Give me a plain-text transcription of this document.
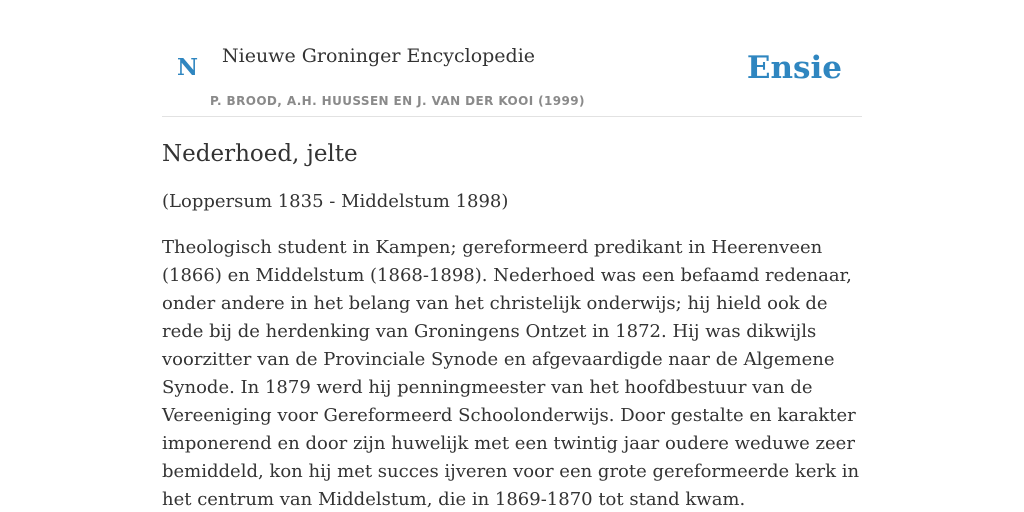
N Nieuwe Groninger Encyclopedie
P. BROOD, A.H. HUUSSEN EN J. VAN DER KOOI (1999)
Ensie
Nederhoed, jelte

(Loppersum 1835 - Middelstum 1898)

Theologisch student in Kampen; gereformeerd predikant in Heerenveen (1866) en Middelstum (1868-1898). Nederhoed was een befaamd redenaar, onder andere in het belang van het christelijk onderwijs; hij hield ook de rede bij de herdenking van Groningens Ontzet in 1872. Hij was dikwijls voorzitter van de Provinciale Synode en afgevaardigde naar de Algemene Synode. In 1879 werd hij penningmeester van het hoofdbestuur van de Vereeniging voor Gereformeerd Schoolonderwijs. Door gestalte en karakter imponerend en door zijn huwelijk met een twintig jaar oudere weduwe zeer bemiddeld, kon hij met succes ijveren voor een grote gereformeerde kerk in het centrum van Middelstum, die in 1869-1870 tot stand kwam.
